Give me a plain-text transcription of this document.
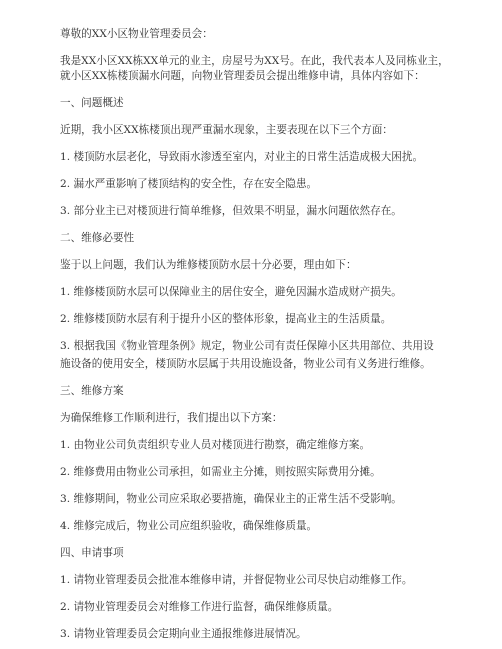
尊敬的XX小区物业管理委员会：

我是XX小区XX栋XX单元的业主，房屋号为XX号。在此，我代表本人及同栋业主，

就小区XX栋楼顶漏水问题，向物业管理委员会提出维修申请，具体内容如下：

一、问题概述

近期，我小区XX栋楼顶出现严重漏水现象，主要表现在以下三个方面：

1. 楼顶防水层老化，导致雨水渗透至室内，对业主的日常生活造成极大困扰。

2. 漏水严重影响了楼顶结构的安全性，存在安全隐患。

3. 部分业主已对楼顶进行简单维修，但效果不明显，漏水问题依然存在。

二、维修必要性

鉴于以上问题，我们认为维修楼顶防水层十分必要，理由如下：

1. 维修楼顶防水层可以保障业主的居住安全，避免因漏水造成财产损失。

2. 维修楼顶防水层有利于提升小区的整体形象，提高业主的生活质量。

3. 根据我国《物业管理条例》规定，物业公司有责任保障小区共用部位、共用设

施设备的使用安全，楼顶防水层属于共用设施设备，物业公司有义务进行维修。

三、维修方案

为确保维修工作顺利进行，我们提出以下方案：

1. 由物业公司负责组织专业人员对楼顶进行勘察，确定维修方案。

2. 维修费用由物业公司承担，如需业主分摊，则按照实际费用分摊。

3. 维修期间，物业公司应采取必要措施，确保业主的正常生活不受影响。

4. 维修完成后，物业公司应组织验收，确保维修质量。

四、申请事项

1. 请物业管理委员会批准本维修申请，并督促物业公司尽快启动维修工作。

2. 请物业管理委员会对维修工作进行监督，确保维修质量。

3. 请物业管理委员会定期向业主通报维修进展情况。
